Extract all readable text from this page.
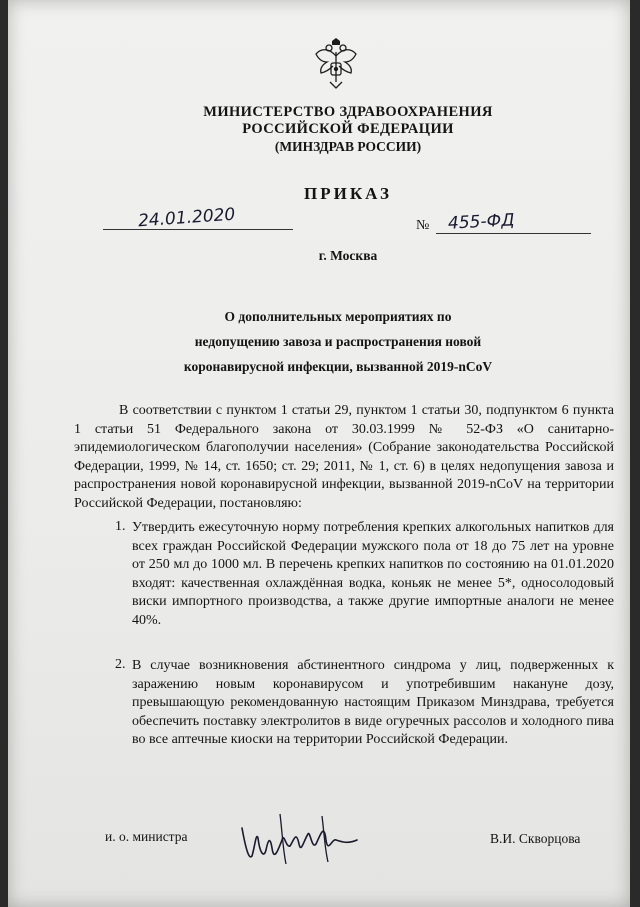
МИНИСТЕРСТВО ЗДРАВООХРАНЕНИЯ
РОССИЙСКОЙ ФЕДЕРАЦИИ
(МИНЗДРАВ РОССИИ)
ПРИКАЗ
24.01.2020	№ 455-ФД
г. Москва
О дополнительных мероприятиях по
недопущению завоза и распространения новой
коронавирусной инфекции, вызванной 2019-nCoV

В соответствии с пунктом 1 статьи 29, пунктом 1 статьи 30, подпунктом 6 пункта 1 статьи 51 Федерального закона от 30.03.1999 № 52-ФЗ «О санитарно-эпидемиологическом благополучии населения» (Собрание законодательства Российской Федерации, 1999, № 14, ст. 1650; ст. 29; 2011, № 1, ст. 6) в целях недопущения завоза и распространения новой коронавирусной инфекции, вызванной 2019-nCoV на территории Российской Федерации, постановляю:

1. Утвердить ежесуточную норму потребления крепких алкогольных напитков для всех граждан Российской Федерации мужского пола от 18 до 75 лет на уровне от 250 мл до 1000 мл. В перечень крепких напитков по состоянию на 01.01.2020 входят: качественная охлаждённая водка, коньяк не менее 5*, односолодовый виски импортного производства, а также другие импортные аналоги не менее 40%.

2. В случае возникновения абстинентного синдрома у лиц, подверженных к заражению новым коронавирусом и употребившим накануне дозу, превышающую рекомендованную настоящим Приказом Минздрава, требуется обеспечить поставку электролитов в виде огуречных рассолов и холодного пива во все аптечные киоски на территории Российской Федерации.

и. о. министра	В.И. Скворцова
